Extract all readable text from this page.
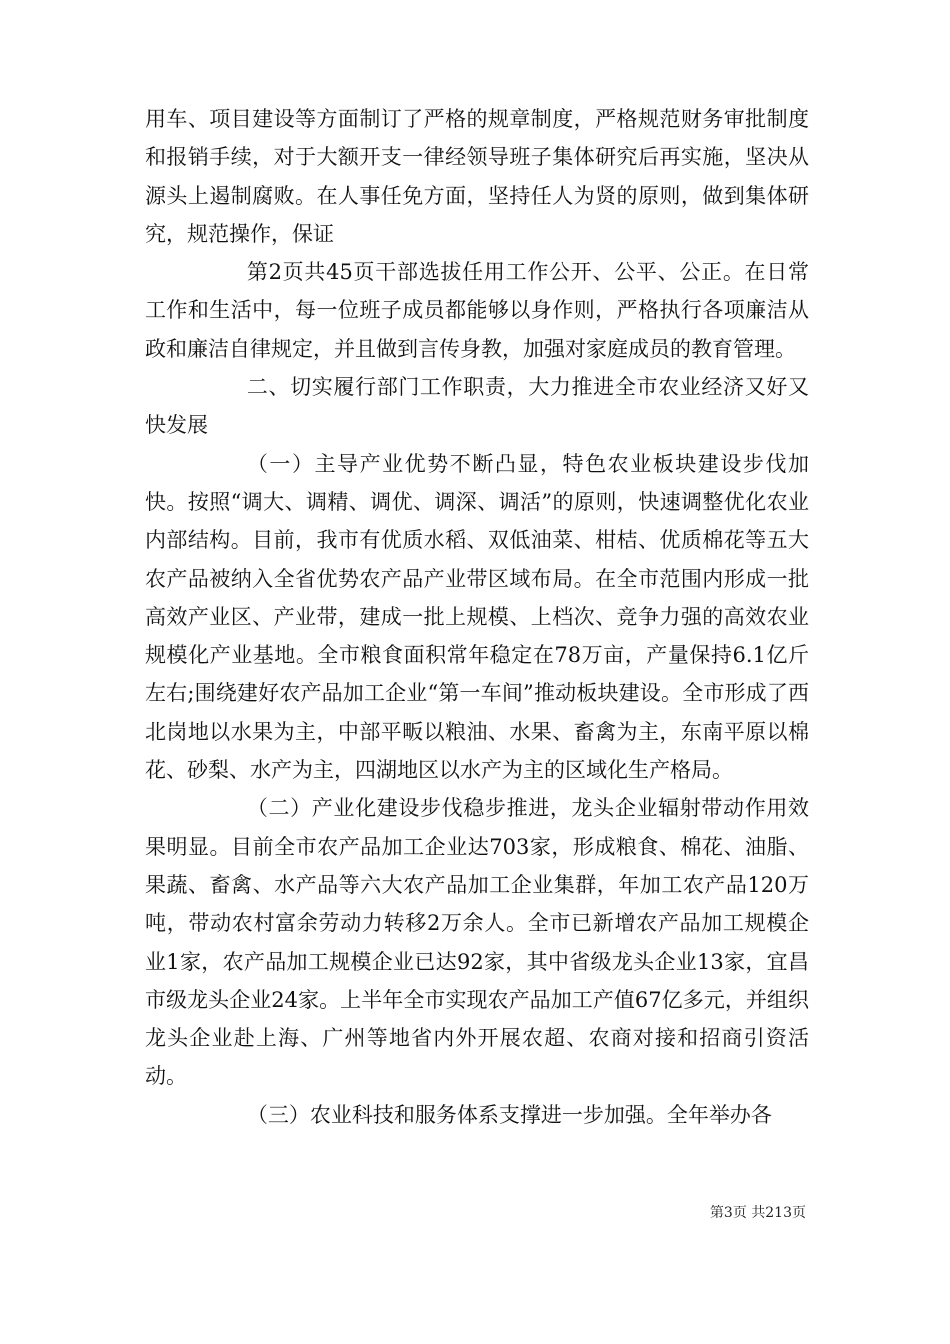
用车、项目建设等方面制订了严格的规章制度，严格规范财务审批制度和报销手续，对于大额开支一律经领导班子集体研究后再实施，坚决从源头上遏制腐败。在人事任免方面，坚持任人为贤的原则，做到集体研究，规范操作，保证

第2页共45页干部选拔任用工作公开、公平、公正。在日常工作和生活中，每一位班子成员都能够以身作则，严格执行各项廉洁从政和廉洁自律规定，并且做到言传身教，加强对家庭成员的教育管理。

二、切实履行部门工作职责，大力推进全市农业经济又好又快发展

（一）主导产业优势不断凸显，特色农业板块建设步伐加快。按照“调大、调精、调优、调深、调活”的原则，快速调整优化农业内部结构。目前，我市有优质水稻、双低油菜、柑桔、优质棉花等五大农产品被纳入全省优势农产品产业带区域布局。在全市范围内形成一批高效产业区、产业带，建成一批上规模、上档次、竞争力强的高效农业规模化产业基地。全市粮食面积常年稳定在78万亩，产量保持6.1亿斤左右;围绕建好农产品加工企业“第一车间”推动板块建设。全市形成了西北岗地以水果为主，中部平畈以粮油、水果、畜禽为主，东南平原以棉花、砂梨、水产为主，四湖地区以水产为主的区域化生产格局。

（二）产业化建设步伐稳步推进，龙头企业辐射带动作用效果明显。目前全市农产品加工企业达703家，形成粮食、棉花、油脂、果蔬、畜禽、水产品等六大农产品加工企业集群，年加工农产品120万吨，带动农村富余劳动力转移2万余人。全市已新增农产品加工规模企业1家，农产品加工规模企业已达92家，其中省级龙头企业13家，宜昌市级龙头企业24家。上半年全市实现农产品加工产值67亿多元，并组织龙头企业赴上海、广州等地省内外开展农超、农商对接和招商引资活动。

（三）农业科技和服务体系支撑进一步加强。全年举办各

第3页 共213页
